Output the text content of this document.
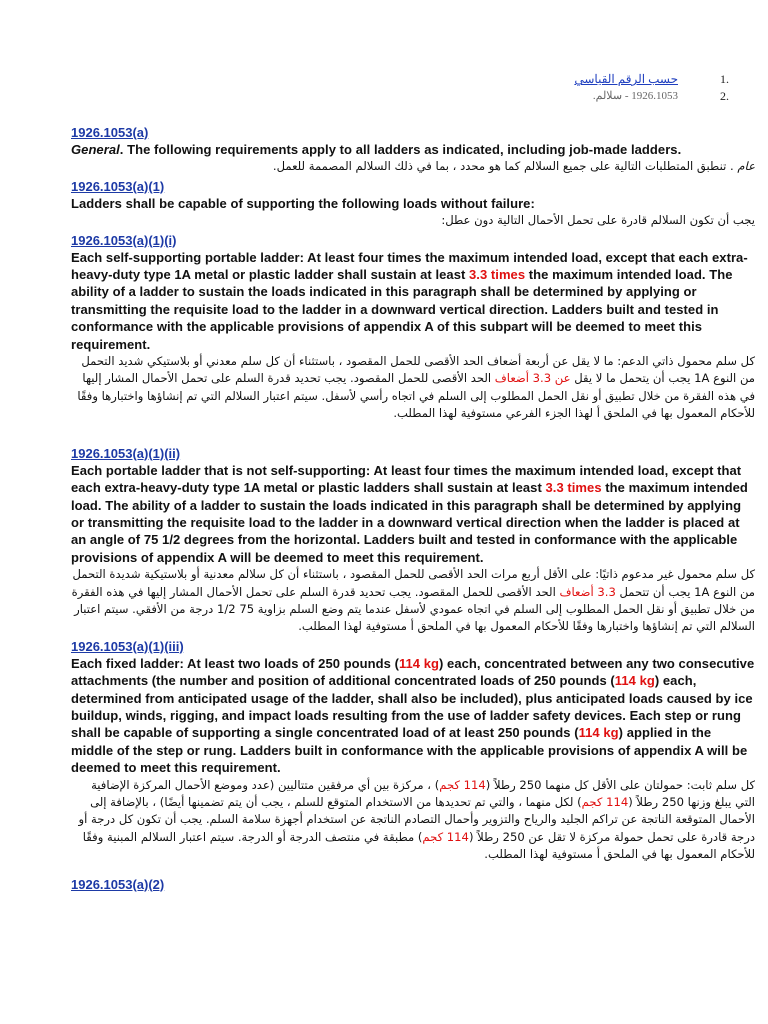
1.
حسب الرقم القياسي
2.
1926.1053 - سلالم.

1926.1053(a)

General. The following requirements apply to all ladders as indicated, including job-made ladders.

عام . تنطبق المتطلبات التالية على جميع السلالم كما هو محدد ، بما في ذلك السلالم المصممة للعمل.

1926.1053(a)(1)

Ladders shall be capable of supporting the following loads without failure:

يجب أن تكون السلالم قادرة على تحمل الأحمال التالية دون عطل:

1926.1053(a)(1)(i)

Each self-supporting portable ladder: At least four times the maximum intended load, except that each extra-heavy-duty type 1A metal or plastic ladder shall sustain at least 3.3 times the maximum intended load. The ability of a ladder to sustain the loads indicated in this paragraph shall be determined by applying or transmitting the requisite load to the ladder in a downward vertical direction. Ladders built and tested in conformance with the applicable provisions of appendix A of this subpart will be deemed to meet this requirement.

كل سلم محمول ذاتي الدعم: ما لا يقل عن أربعة أضعاف الحد الأقصى للحمل المقصود ، باستثناء أن كل سلم معدني أو بلاستيكي شديد التحمل من النوع 1A يجب أن يتحمل ما لا يقل عن 3.3 أضعاف الحد الأقصى للحمل المقصود. يجب تحديد قدرة السلم على تحمل الأحمال المشار إليها في هذه الفقرة من خلال تطبيق أو نقل الحمل المطلوب إلى السلم في اتجاه رأسي لأسفل. سيتم اعتبار السلالم التي تم إنشاؤها واختبارها وفقًا للأحكام المعمول بها في الملحق أ لهذا الجزء الفرعي مستوفية لهذا المطلب.

1926.1053(a)(1)(ii)

Each portable ladder that is not self-supporting: At least four times the maximum intended load, except that each extra-heavy-duty type 1A metal or plastic ladders shall sustain at least 3.3 times the maximum intended load. The ability of a ladder to sustain the loads indicated in this paragraph shall be determined by applying or transmitting the requisite load to the ladder in a downward vertical direction when the ladder is placed at an angle of 75 1/2 degrees from the horizontal. Ladders built and tested in conformance with the applicable provisions of appendix A will be deemed to meet this requirement.

كل سلم محمول غير مدعوم ذاتيًا: على الأقل أربع مرات الحد الأقصى للحمل المقصود ، باستثناء أن كل سلالم معدنية أو بلاستيكية شديدة التحمل من النوع 1A يجب أن تتحمل 3.3 أضعاف الحد الأقصى للحمل المقصود. يجب تحديد قدرة السلم على تحمل الأحمال المشار إليها في هذه الفقرة من خلال تطبيق أو نقل الحمل المطلوب إلى السلم في اتجاه عمودي لأسفل عندما يتم وضع السلم بزاوية 75 1/2 درجة من الأفقي. سيتم اعتبار السلالم التي تم إنشاؤها واختبارها وفقًا للأحكام المعمول بها في الملحق أ مستوفية لهذا المطلب.

1926.1053(a)(1)(iii)

Each fixed ladder: At least two loads of 250 pounds (114 kg) each, concentrated between any two consecutive attachments (the number and position of additional concentrated loads of 250 pounds (114 kg) each, determined from anticipated usage of the ladder, shall also be included), plus anticipated loads caused by ice buildup, winds, rigging, and impact loads resulting from the use of ladder safety devices. Each step or rung shall be capable of supporting a single concentrated load of at least 250 pounds (114 kg) applied in the middle of the step or rung. Ladders built in conformance with the applicable provisions of appendix A will be deemed to meet this requirement.

كل سلم ثابت: حمولتان على الأقل كل منهما 250 رطلاً (114 كجم) ، مركزة بين أي مرفقين متتاليين (عدد وموضع الأحمال المركزة الإضافية التي يبلغ وزنها 250 رطلاً (114 كجم) لكل منهما ، والتي تم تحديدها من الاستخدام المتوقع للسلم ، يجب أن يتم تضمينها أيضًا) ، بالإضافة إلى الأحمال المتوقعة الناتجة عن تراكم الجليد والرياح والتزوير وأحمال التصادم الناتجة عن استخدام أجهزة سلامة السلم. يجب أن تكون كل درجة أو درجة قادرة على تحمل حمولة مركزة لا تقل عن 250 رطلاً (114 كجم) مطبقة في منتصف الدرجة أو الدرجة. سيتم اعتبار السلالم المبنية وفقًا للأحكام المعمول بها في الملحق أ مستوفية لهذا المطلب.

1926.1053(a)(2)
